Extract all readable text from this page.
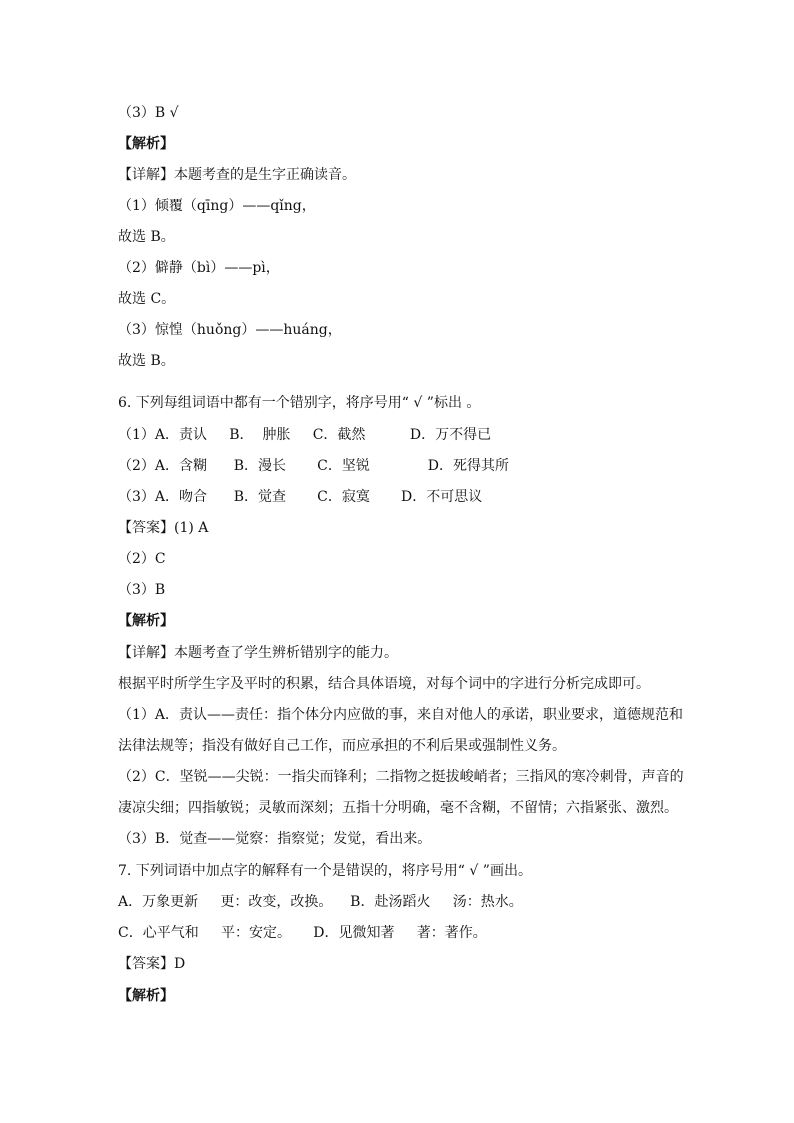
（3）B √
【解析】
【详解】本题考查的是生字正确读音。
（1）倾覆（qīng）——qǐng，
故选 B。
（2）僻静（bì）——pì，
故选 C。
（3）惊惶（huǒng）——huáng，
故选 B。
6. 下列每组词语中都有一个错别字，将序号用“ √ ”标出 。
（1）A．责认     B．  肿胀     C．截然          D．万不得已
（2）A．含糊      B．漫长       C．坚锐             D．死得其所
（3）A．吻合      B．觉查       C．寂寞       D．不可思议
【答案】(1) A
（2）C
（3）B
【解析】
【详解】本题考查了学生辨析错别字的能力。
根据平时所学生字及平时的积累，结合具体语境，对每个词中的字进行分析完成即可。
（1）A．责认——责任：指个体分内应做的事，来自对他人的承诺，职业要求，道德规范和
法律法规等；指没有做好自己工作，而应承担的不利后果或强制性义务。
（2）C．坚锐——尖锐：一指尖而锋利；二指物之挺拔峻峭者；三指风的寒冷刺骨，声音的
凄凉尖细；四指敏锐；灵敏而深刻；五指十分明确，毫不含糊，不留情；六指紧张、激烈。
（3）B．觉查——觉察：指察觉；发觉，看出来。
7. 下列词语中加点字的解释有一个是错误的，将序号用“ √ ”画出。
A．万象更新     更：改变，改换。    B．赴汤蹈火     汤：热水。
C．心平气和     平：安定。     D．见微知著     著：著作。
【答案】D
【解析】
